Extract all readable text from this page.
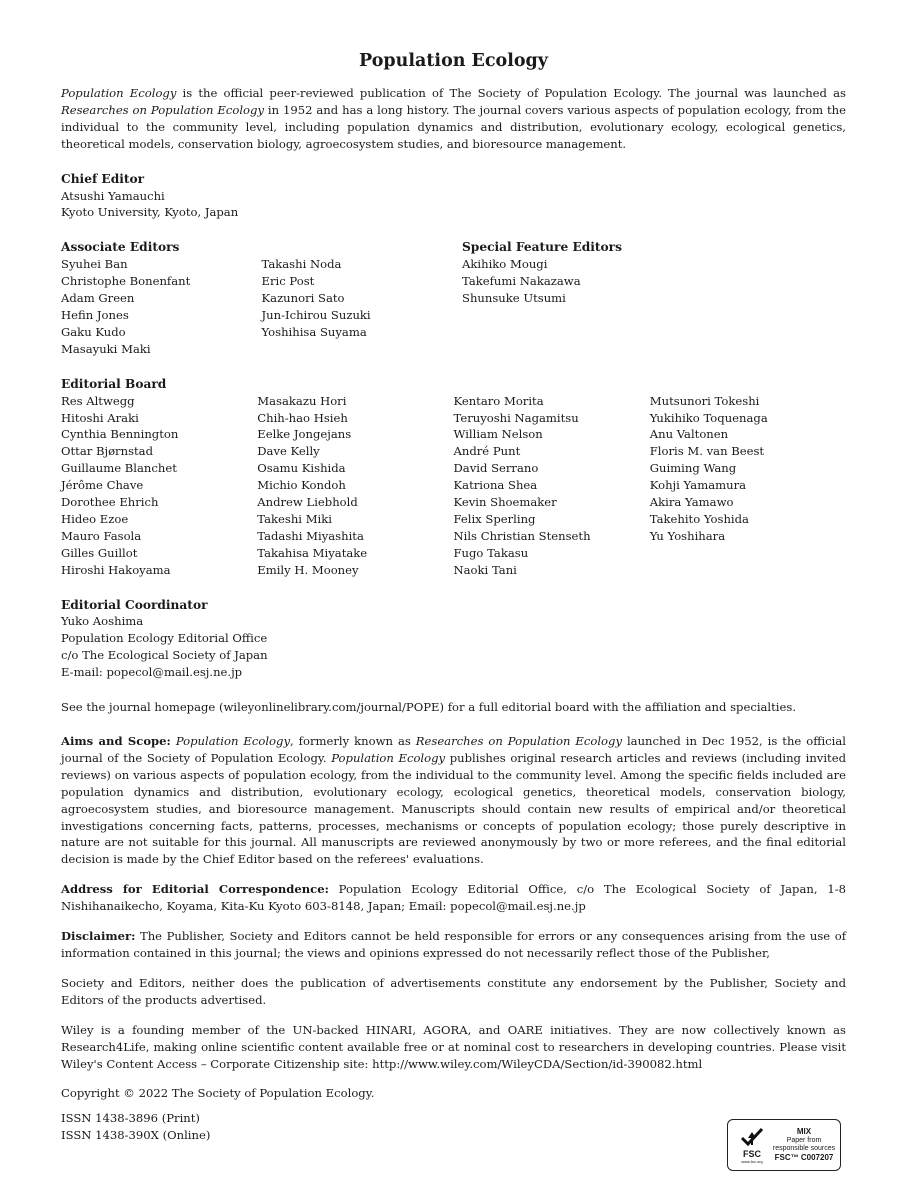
Population Ecology

Population Ecology is the official peer-reviewed publication of The Society of Population Ecology. The journal was launched as Researches on Population Ecology in 1952 and has a long history. The journal covers various aspects of population ecology, from the individual to the community level, including population dynamics and distribution, evolutionary ecology, ecological genetics, theoretical models, conservation biology, agroecosystem studies, and bioresource management.

Chief Editor
Atsushi Yamauchi
Kyoto University, Kyoto, Japan
Associate Editors
Syuhei Ban
Christophe Bonenfant
Adam Green
Hefin Jones
Gaku Kudo
Masayuki Maki
Takashi Noda
Eric Post
Kazunori Sato
Jun-Ichirou Suzuki
Yoshihisa Suyama
Special Feature Editors
Akihiko Mougi
Takefumi Nakazawa
Shunsuke Utsumi
Editorial Board
Res Altwegg
Hitoshi Araki
Cynthia Bennington
Ottar Bjørnstad
Guillaume Blanchet
Jérôme Chave
Dorothee Ehrich
Hideo Ezoe
Mauro Fasola
Gilles Guillot
Hiroshi Hakoyama
Masakazu Hori
Chih-hao Hsieh
Eelke Jongejans
Dave Kelly
Osamu Kishida
Michio Kondoh
Andrew Liebhold
Takeshi Miki
Tadashi Miyashita
Takahisa Miyatake
Emily H. Mooney
Kentaro Morita
Teruyoshi Nagamitsu
William Nelson
André Punt
David Serrano
Katriona Shea
Kevin Shoemaker
Felix Sperling
Nils Christian Stenseth
Fugo Takasu
Naoki Tani
Mutsunori Tokeshi
Yukihiko Toquenaga
Anu Valtonen
Floris M. van Beest
Guiming Wang
Kohji Yamamura
Akira Yamawo
Takehito Yoshida
Yu Yoshihara
Editorial Coordinator
Yuko Aoshima
Population Ecology Editorial Office
c/o The Ecological Society of Japan
E-mail: popecol@mail.esj.ne.jp

See the journal homepage (wileyonlinelibrary.com/journal/POPE) for a full editorial board with the affiliation and specialties.

Aims and Scope: Population Ecology, formerly known as Researches on Population Ecology launched in Dec 1952, is the official journal of the Society of Population Ecology. Population Ecology publishes original research articles and reviews (including invited reviews) on various aspects of population ecology, from the individual to the community level. Among the specific fields included are population dynamics and distribution, evolutionary ecology, ecological genetics, theoretical models, conservation biology, agroecosystem studies, and bioresource management. Manuscripts should contain new results of empirical and/or theoretical investigations concerning facts, patterns, processes, mechanisms or concepts of population ecology; those purely descriptive in nature are not suitable for this journal. All manuscripts are reviewed anonymously by two or more referees, and the final editorial decision is made by the Chief Editor based on the referees' evaluations.

Address for Editorial Correspondence: Population Ecology Editorial Office, c/o The Ecological Society of Japan, 1-8 Nishihanaikecho, Koyama, Kita-Ku Kyoto 603-8148, Japan; Email: popecol@mail.esj.ne.jp

Disclaimer: The Publisher, Society and Editors cannot be held responsible for errors or any consequences arising from the use of information contained in this journal; the views and opinions expressed do not necessarily reflect those of the Publisher,

Society and Editors, neither does the publication of advertisements constitute any endorsement by the Publisher, Society and Editors of the products advertised.

Wiley is a founding member of the UN-backed HINARI, AGORA, and OARE initiatives. They are now collectively known as Research4Life, making online scientific content available free or at nominal cost to researchers in developing countries. Please visit Wiley's Content Access – Corporate Citizenship site: http://www.wiley.com/WileyCDA/Section/id-390082.html

Copyright © 2022 The Society of Population Ecology.

ISSN 1438-3896 (Print)
ISSN 1438-390X (Online)
FSC
www.fsc.org
MIX
Paper from
responsible sources
FSC™ C007207
